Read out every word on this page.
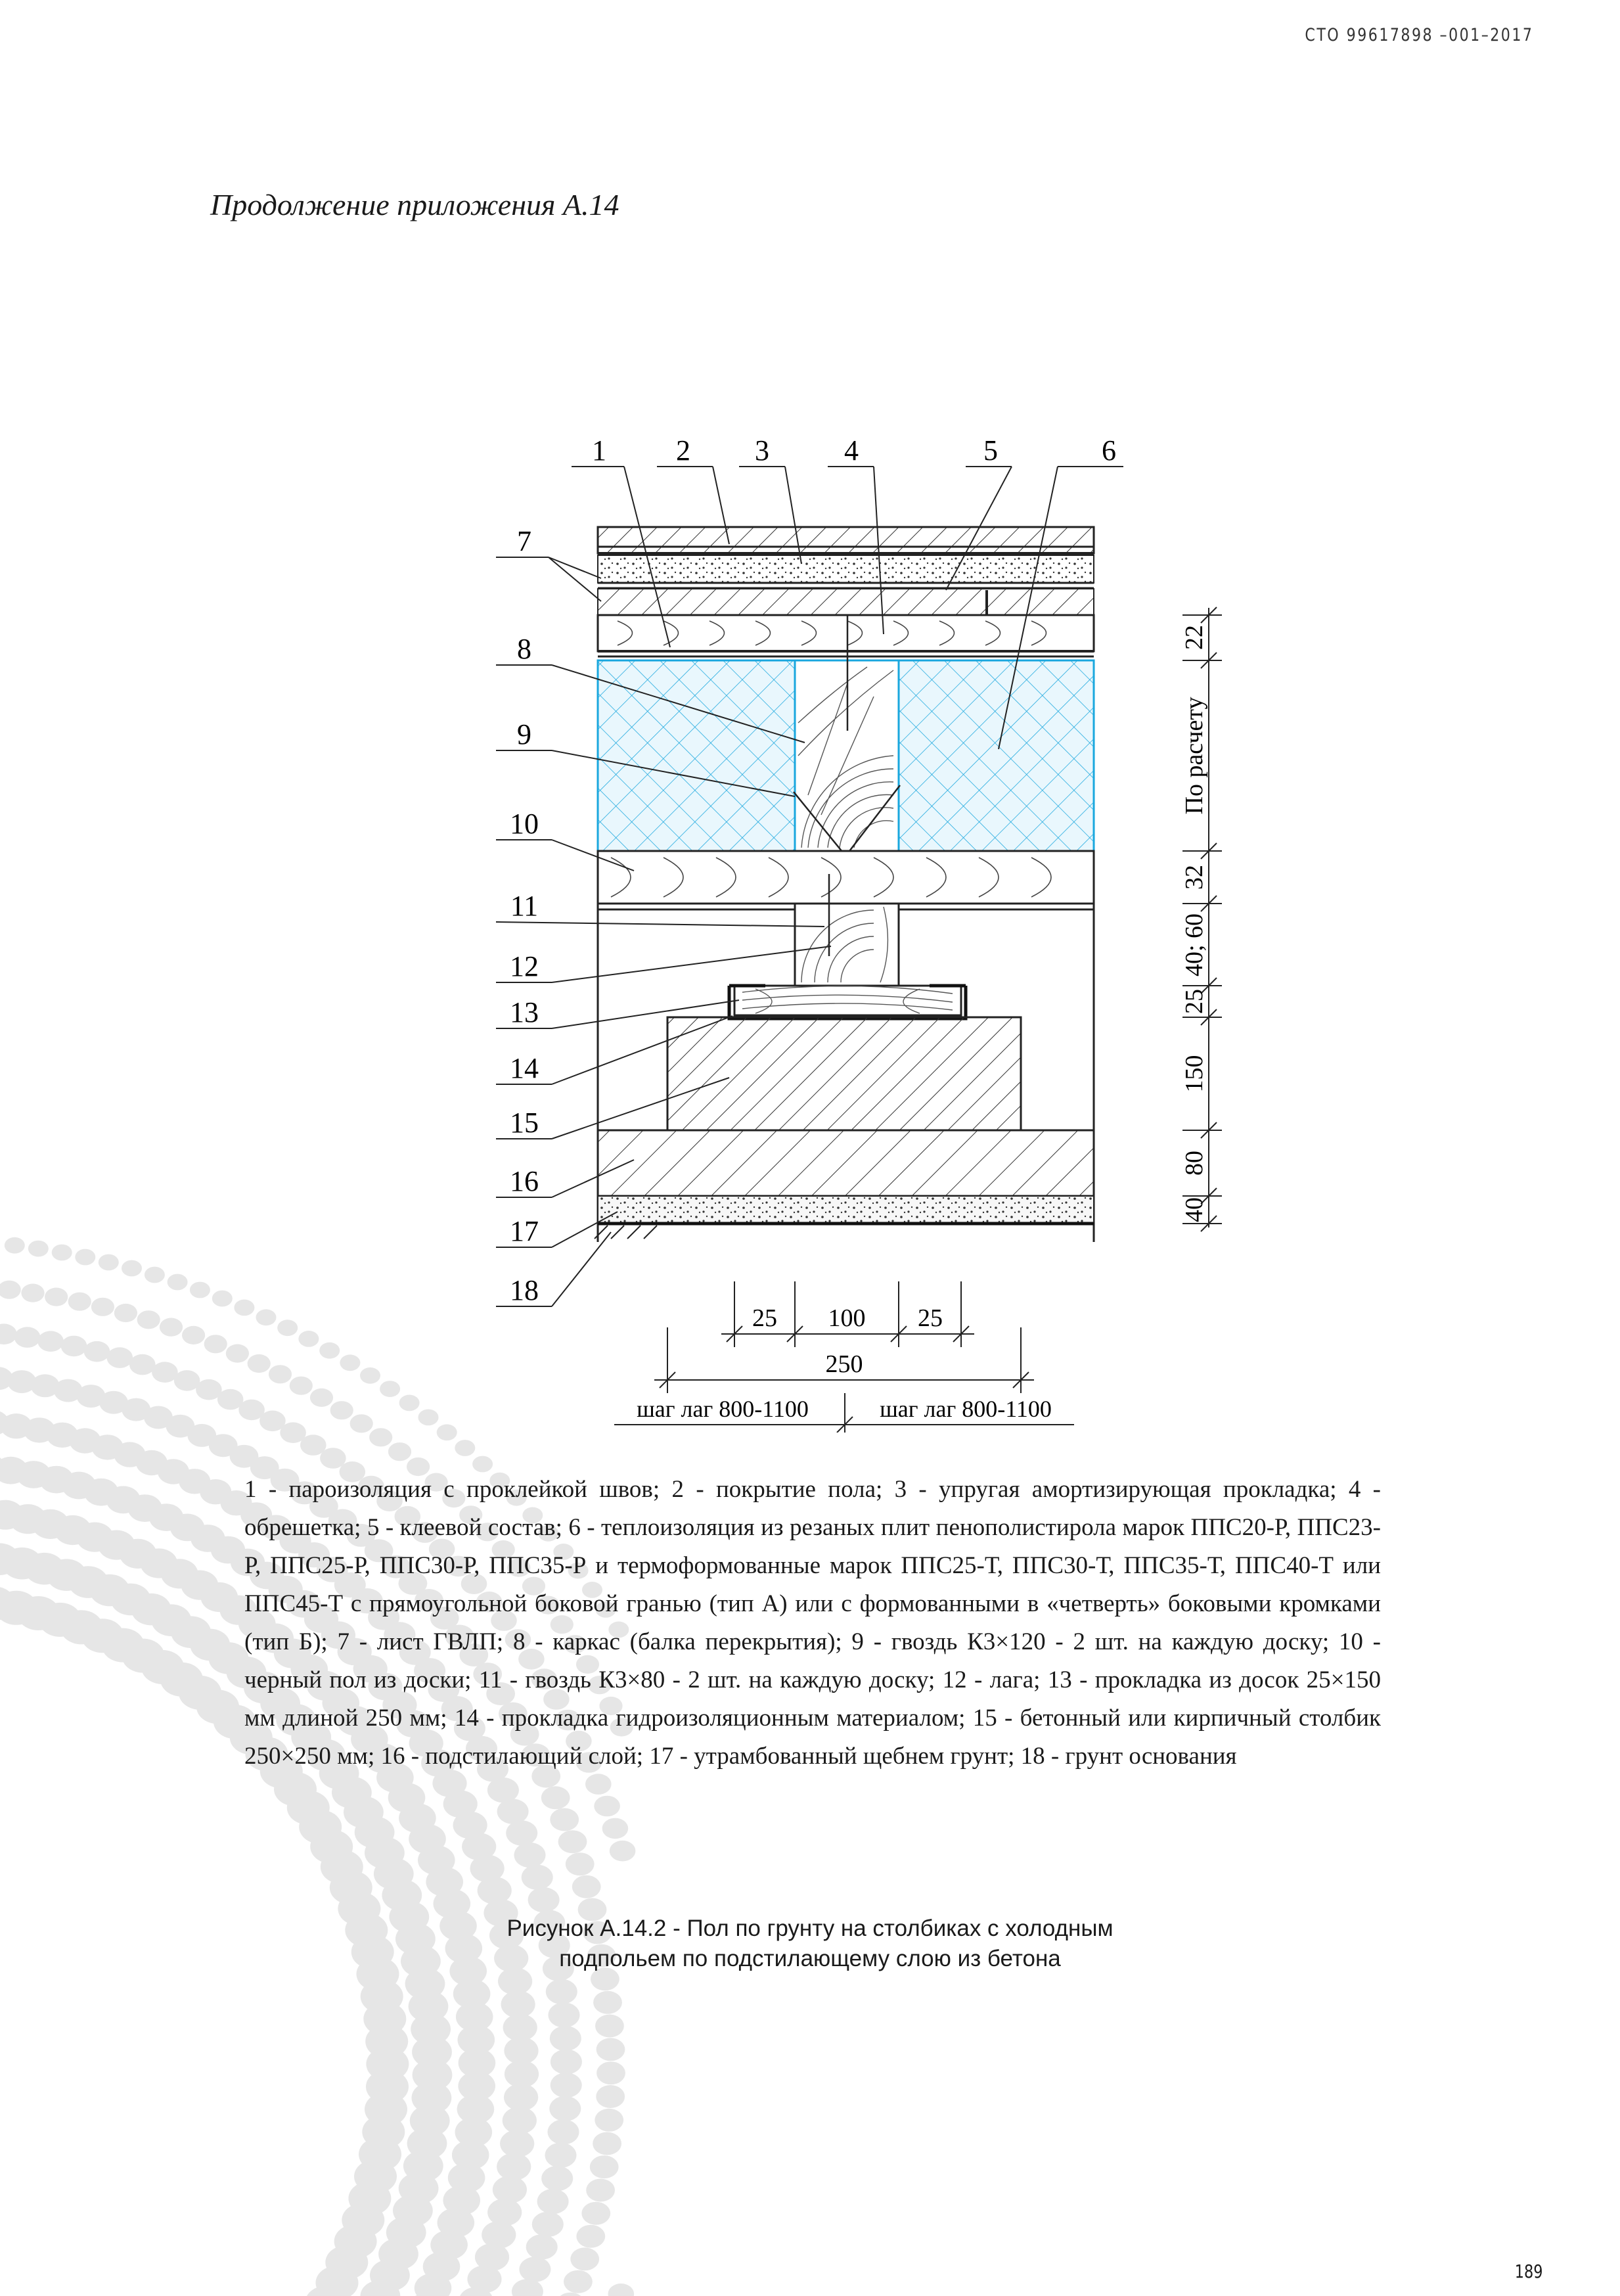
СТО 99617898 –001–2017
Продолжение приложения А.14
1 2 3	4	5	6
7
8
9
10
11
12
13
14
15
16
17
18
22
По расчету
32
40; 60
25
150
80
40
25 100 25
250
шаг лаг 800-1100	шаг лаг 800-1100
1 - пароизоляция с проклейкой швов; 2 - покрытие пола; 3 - упругая амортизирующая прокладка; 4 - обрешетка; 5 - клеевой состав; 6 - теплоизоляция из резаных плит пенополистирола марок ППС20-Р, ППС23-Р, ППС25-Р, ППС30-Р, ППС35-Р и термоформованные марок ППС25-Т, ППС30-Т, ППС35-Т, ППС40-Т или ППС45-Т с прямоугольной боковой гранью (тип А) или с формованными в «четверть» боковыми кромками (тип Б); 7 - лист ГВЛП; 8 - каркас (балка перекрытия); 9 - гвоздь К3×120 - 2 шт. на каждую доску; 10 - черный пол из доски; 11 - гвоздь К3×80 - 2 шт. на каждую доску; 12 - лага; 13 - прокладка из досок 25×150 мм длиной 250 мм; 14 - прокладка гидроизоляционным материалом; 15 - бетонный или кирпичный столбик 250×250 мм; 16 - подстилающий слой; 17 - утрамбованный щебнем грунт; 18 - грунт основания
Рисунок А.14.2 - Пол по грунту на столбиках с холодным
подпольем по подстилающему слою из бетона
189
